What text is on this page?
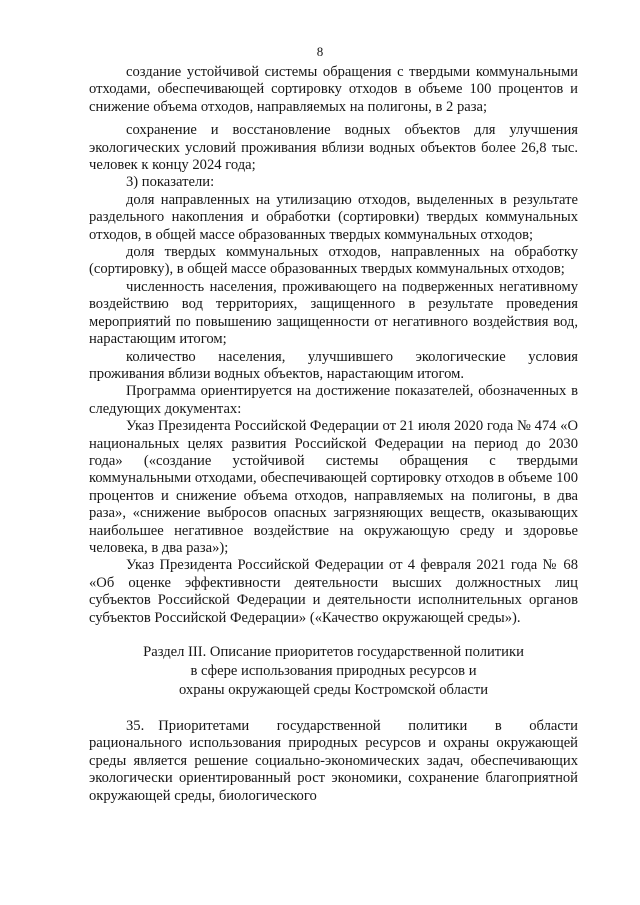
8

создание устойчивой системы обращения с твердыми коммунальными отходами, обеспечивающей сортировку отходов в объеме 100 процентов и снижение объема отходов, направляемых на полигоны, в 2 раза;

сохранение и восстановление водных объектов для улучшения экологических условий проживания вблизи водных объектов более 26,8 тыс. человек к концу 2024 года;

3) показатели:

доля направленных на утилизацию отходов, выделенных в результате раздельного накопления и обработки (сортировки) твердых коммунальных отходов, в общей массе образованных твердых коммунальных отходов;

доля твердых коммунальных отходов, направленных на обработку (сортировку), в общей массе образованных твердых коммунальных отходов;

численность населения, проживающего на подверженных негативному воздействию вод территориях, защищенного в результате проведения мероприятий по повышению защищенности от негативного воздействия вод, нарастающим итогом;

количество населения, улучшившего экологические условия проживания вблизи водных объектов, нарастающим итогом.

Программа ориентируется на достижение показателей, обозначенных в следующих документах:

Указ Президента Российской Федерации от 21 июля 2020 года № 474 «О национальных целях развития Российской Федерации на период до 2030 года» («создание устойчивой системы обращения с твердыми коммунальными отходами, обеспечивающей сортировку отходов в объеме 100 процентов и снижение объема отходов, направляемых на полигоны, в два раза», «снижение выбросов опасных загрязняющих веществ, оказывающих наибольшее негативное воздействие на окружающую среду и здоровье человека, в два раза»);

Указ Президента Российской Федерации от 4 февраля 2021 года № 68 «Об оценке эффективности деятельности высших должностных лиц субъектов Российской Федерации и деятельности исполнительных органов субъектов Российской Федерации» («Качество окружающей среды»).

Раздел III. Описание приоритетов государственной политики
в сфере использования природных ресурсов и
охраны окружающей среды Костромской области

35. Приоритетами государственной политики в области рационального использования природных ресурсов и охраны окружающей среды является решение социально-экономических задач, обеспечивающих экологически ориентированный рост экономики, сохранение благоприятной окружающей среды, биологического
